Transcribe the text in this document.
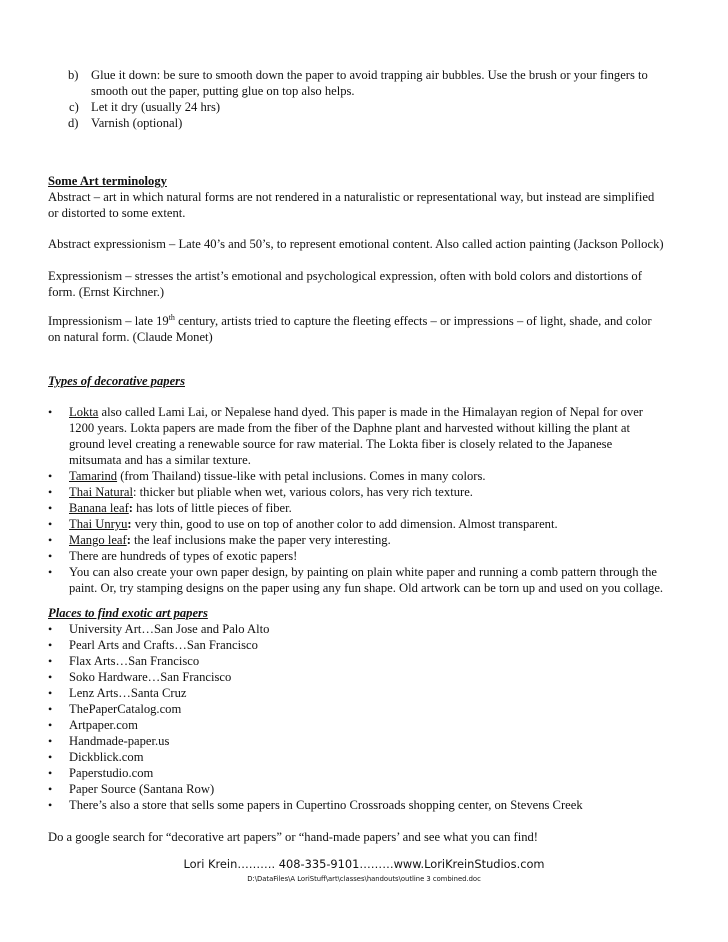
b) Glue it down: be sure to smooth down the paper to avoid trapping air bubbles. Use the brush or your fingers to
smooth out the paper, putting glue on top also helps.
c) Let it dry (usually 24 hrs)
d) Varnish (optional)
Some Art terminology
Abstract – art in which natural forms are not rendered in a naturalistic or representational way, but instead are simplified
or distorted to some extent.
Abstract expressionism – Late 40’s and 50’s, to represent emotional content. Also called action painting (Jackson Pollock)
Expressionism – stresses the artist’s emotional and psychological expression, often with bold colors and distortions of
form. (Ernst Kirchner.)
Impressionism – late 19th century, artists tried to capture the fleeting effects – or impressions – of light, shade, and color
on natural form. (Claude Monet)
Types of decorative papers
• Lokta also called Lami Lai, or Nepalese hand dyed. This paper is made in the Himalayan region of Nepal for over
1200 years. Lokta papers are made from the fiber of the Daphne plant and harvested without killing the plant at
ground level creating a renewable source for raw material. The Lokta fiber is closely related to the Japanese
mitsumata and has a similar texture.
• Tamarind (from Thailand) tissue-like with petal inclusions. Comes in many colors.
• Thai Natural: thicker but pliable when wet, various colors, has very rich texture.
• Banana leaf: has lots of little pieces of fiber.
• Thai Unryu: very thin, good to use on top of another color to add dimension. Almost transparent.
• Mango leaf: the leaf inclusions make the paper very interesting.
• There are hundreds of types of exotic papers!
• You can also create your own paper design, by painting on plain white paper and running a comb pattern through the
paint. Or, try stamping designs on the paper using any fun shape. Old artwork can be torn up and used on you collage.
Places to find exotic art papers
• University Art…San Jose and Palo Alto
• Pearl Arts and Crafts…San Francisco
• Flax Arts…San Francisco
• Soko Hardware…San Francisco
• Lenz Arts…Santa Cruz
• ThePaperCatalog.com
• Artpaper.com
• Handmade-paper.us
• Dickblick.com
• Paperstudio.com
• Paper Source (Santana Row)
• There’s also a store that sells some papers in Cupertino Crossroads shopping center, on Stevens Creek
Do a google search for “decorative art papers” or “hand-made papers’ and see what you can find!
Lori Krein………. 408-335-9101………www.LoriKreinStudios.com
D:\DataFiles\A LoriStuff\art\classes\handouts\outline 3 combined.doc
